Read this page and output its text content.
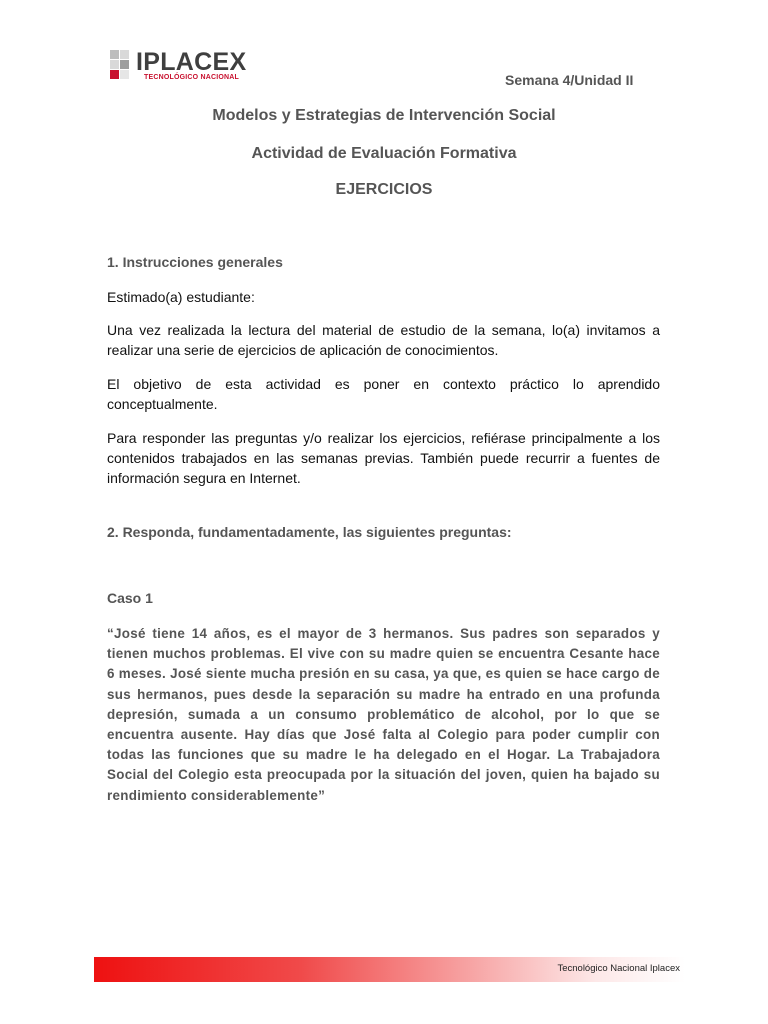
IPLACEX
TECNOLÓGICO NACIONAL	Semana 4/Unidad II
Modelos y Estrategias de Intervención Social
Actividad de Evaluación Formativa
EJERCICIOS
1. Instrucciones generales
Estimado(a) estudiante:
Una vez realizada la lectura del material de estudio de la semana, lo(a) invitamos a realizar una serie de ejercicios de aplicación de conocimientos.
El objetivo de esta actividad es poner en contexto práctico lo aprendido conceptualmente.
Para responder las preguntas y/o realizar los ejercicios, refiérase principalmente a los contenidos trabajados en las semanas previas. También puede recurrir a fuentes de información segura en Internet.
2. Responda, fundamentadamente, las siguientes preguntas:
Caso 1
“José tiene 14 años, es el mayor de 3 hermanos. Sus padres son separados y tienen muchos problemas. El vive con su madre quien se encuentra Cesante hace 6 meses. José siente mucha presión en su casa, ya que, es quien se hace cargo de sus hermanos, pues desde la separación su madre ha entrado en una profunda depresión, sumada a un consumo problemático de alcohol, por lo que se encuentra ausente. Hay días que José falta al Colegio para poder cumplir con todas las funciones que su madre le ha delegado en el Hogar. La Trabajadora Social del Colegio esta preocupada por la situación del joven, quien ha bajado su rendimiento considerablemente”
Tecnológico Nacional Iplacex
